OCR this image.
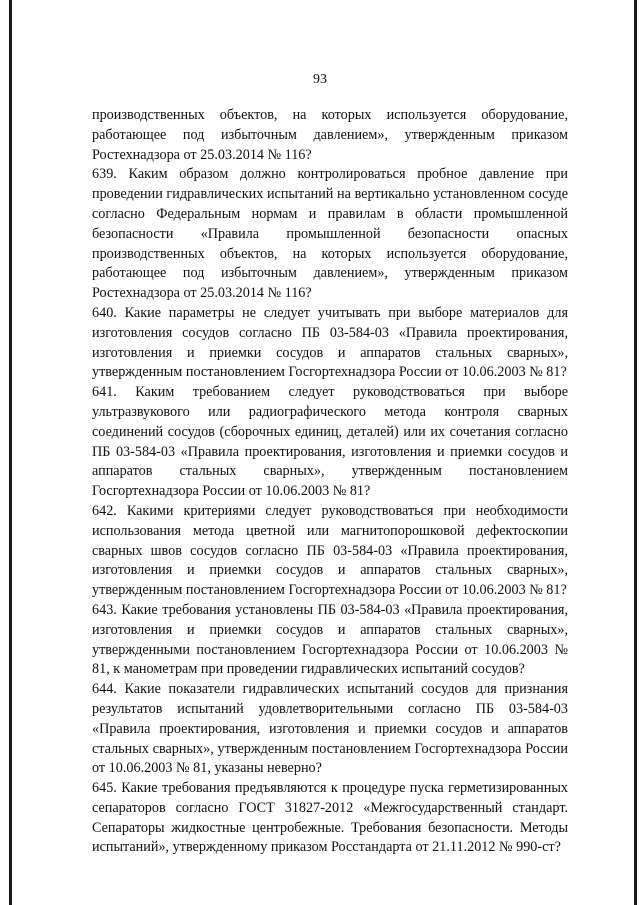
93

производственных объектов, на которых используется оборудование, работающее под избыточным давлением», утвержденным приказом Ростехнадзора от 25.03.2014 № 116?

639. Каким образом должно контролироваться пробное давление при проведении гидравлических испытаний на вертикально установленном сосуде согласно Федеральным нормам и правилам в области промышленной безопасности «Правила промышленной безопасности опасных производственных объектов, на которых используется оборудование, работающее под избыточным давлением», утвержденным приказом Ростехнадзора от 25.03.2014 № 116?

640. Какие параметры не следует учитывать при выборе материалов для изготовления сосудов согласно ПБ 03-584-03 «Правила проектирования, изготовления и приемки сосудов и аппаратов стальных сварных», утвержденным постановлением Госгортехнадзора России от 10.06.2003 № 81?

641. Каким требованием следует руководствоваться при выборе ультразвукового или радиографического метода контроля сварных соединений сосудов (сборочных единиц, деталей) или их сочетания согласно ПБ 03-584-03 «Правила проектирования, изготовления и приемки сосудов и аппаратов стальных сварных», утвержденным постановлением Госгортехнадзора России от 10.06.2003 № 81?

642. Какими критериями следует руководствоваться при необходимости использования метода цветной или магнитопорошковой дефектоскопии сварных швов сосудов согласно ПБ 03-584-03 «Правила проектирования, изготовления и приемки сосудов и аппаратов стальных сварных», утвержденным постановлением Госгортехнадзора России от 10.06.2003 № 81?

643. Какие требования установлены ПБ 03-584-03 «Правила проектирования, изготовления и приемки сосудов и аппаратов стальных сварных», утвержденными постановлением Госгортехнадзора России от 10.06.2003 № 81, к манометрам при проведении гидравлических испытаний сосудов?

644. Какие показатели гидравлических испытаний сосудов для признания результатов испытаний удовлетворительными согласно ПБ 03-584-03 «Правила проектирования, изготовления и приемки сосудов и аппаратов стальных сварных», утвержденным постановлением Госгортехнадзора России от 10.06.2003 № 81, указаны неверно?

645. Какие требования предъявляются к процедуре пуска герметизированных сепараторов согласно ГОСТ 31827-2012 «Межгосударственный стандарт. Сепараторы жидкостные центробежные. Требования безопасности. Методы испытаний», утвержденному приказом Росстандарта от 21.11.2012 № 990-ст?
